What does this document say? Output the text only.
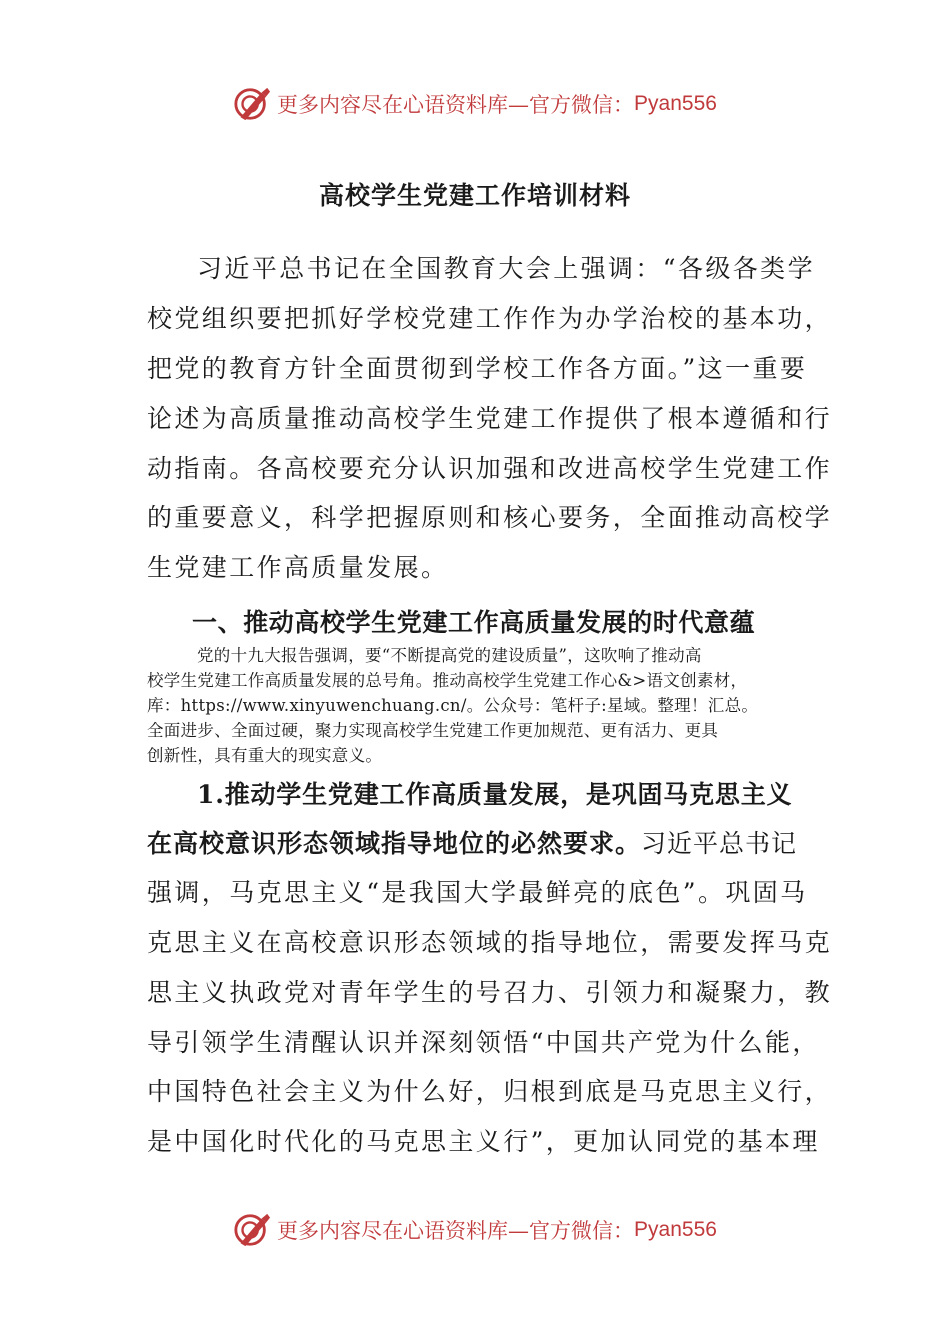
更多内容尽在心语资料库—官方微信： Pyan556
高校学生党建工作培训材料
习近平总书记在全国教育大会上强调：“各级各类学
校党组织要把抓好学校党建工作作为办学治校的基本功，
把党的教育方针全面贯彻到学校工作各方面。”这一重要
论述为高质量推动高校学生党建工作提供了根本遵循和行
动指南。各高校要充分认识加强和改进高校学生党建工作
的重要意义，科学把握原则和核心要务，全面推动高校学
生党建工作高质量发展。
一、推动高校学生党建工作高质量发展的时代意蕴
党的十九大报告强调，要“不断提高党的建设质量”，这吹响了推动高
校学生党建工作高质量发展的总号角。推动高校学生党建工作心&>语文创素材，
库：https://www.xinyuwenchuang.cn/。公众号：笔杆子:星域。整理！汇总。
全面进步、全面过硬，聚力实现高校学生党建工作更加规范、更有活力、更具
创新性，具有重大的现实意义。
1.推动学生党建工作高质量发展，是巩固马克思主义
在高校意识形态领域指导地位的必然要求。习近平总书记
强调，马克思主义“是我国大学最鲜亮的底色”。巩固马
克思主义在高校意识形态领域的指导地位，需要发挥马克
思主义执政党对青年学生的号召力、引领力和凝聚力，教
导引领学生清醒认识并深刻领悟“中国共产党为什么能，
中国特色社会主义为什么好，归根到底是马克思主义行，
是中国化时代化的马克思主义行”，更加认同党的基本理
更多内容尽在心语资料库—官方微信： Pyan556
